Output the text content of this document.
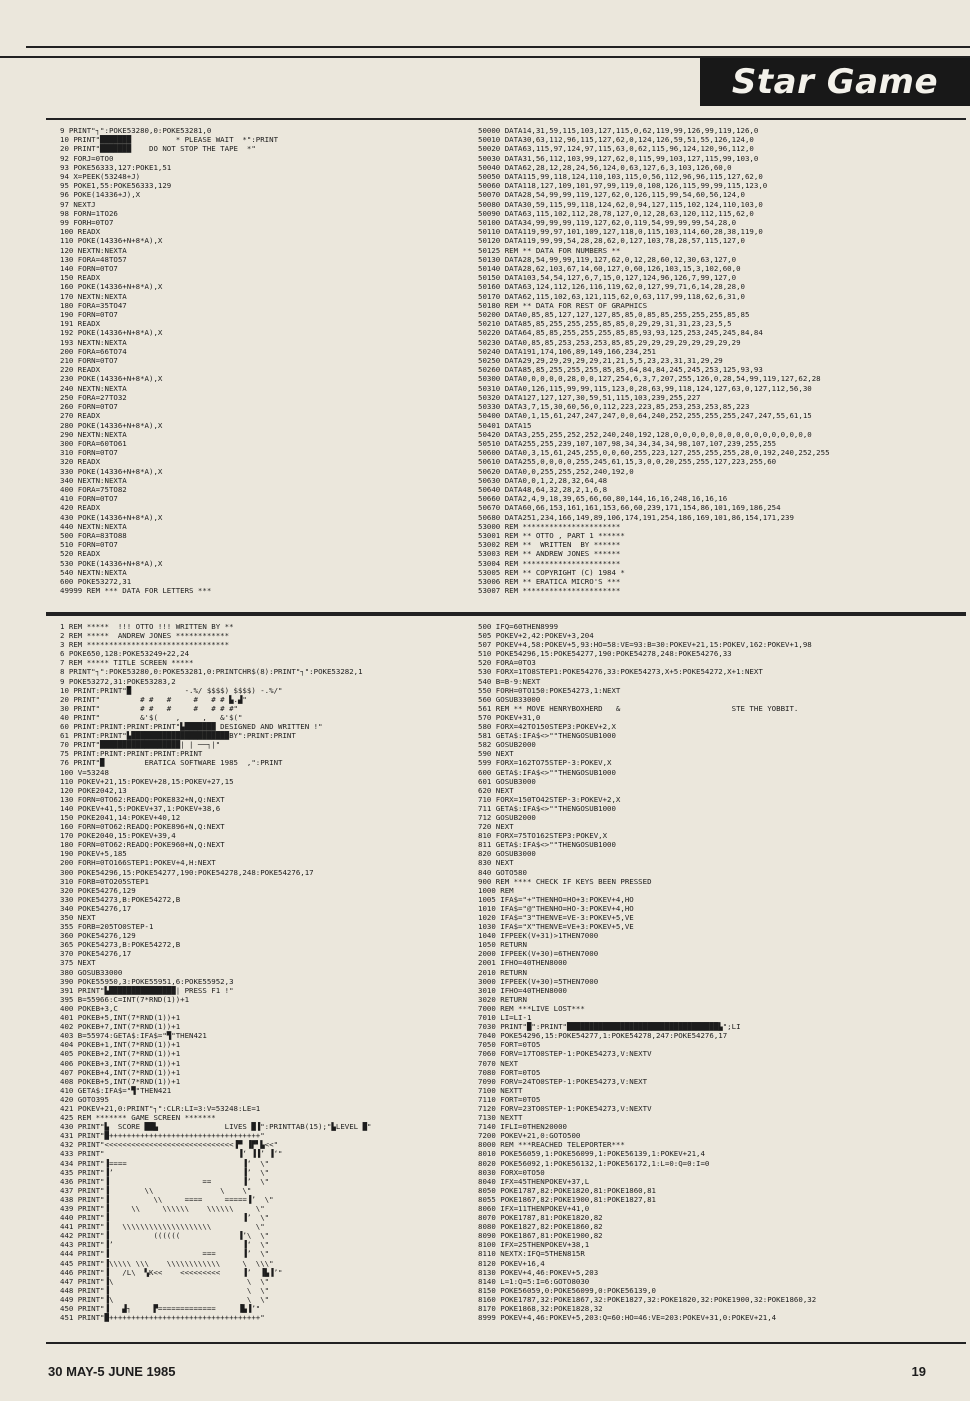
Star Game
9 PRINT"┐":POKE53280,0:POKE53281,0
10 PRINT"███████          * PLEASE WAIT  *":PRINT
20 PRINT"███████    DO NOT STOP THE TAPE  *"
92 FORJ=0TO0
93 POKE56333,127:POKE1,51
94 X=PEEK(53248+J)
95 POKE1,55:POKE56333,129
96 POKE(14336+J),X
97 NEXTJ
98 FORN=1TO26
99 FORH=0TO7
100 READX
110 POKE(14336+N+8*A),X
120 NEXTN:NEXTA
130 FORA=48TO57
140 FORN=0TO7
150 READX
160 POKE(14336+N+8*A),X
170 NEXTN:NEXTA
180 FORA=35TO47
190 FORN=0TO7
191 READX
192 POKE(14336+N+8*A),X
193 NEXTN:NEXTA
200 FORA=66TO74
210 FORN=0TO7
220 READX
230 POKE(14336+N+8*A),X
240 NEXTN:NEXTA
250 FORA=27TO32
260 FORN=0TO7
270 READX
280 POKE(14336+N+8*A),X
290 NEXTN:NEXTA
300 FORA=60TO61
310 FORN=0TO7
320 READX
330 POKE(14336+N+8*A),X
340 NEXTN:NEXTA
400 FORA=75TO82
410 FORN=0TO7
420 READX
430 POKE(14336+N+8*A),X
440 NEXTN:NEXTA
500 FORA=83TO88
510 FORN=0TO7
520 READX
530 POKE(14336+N+8*A),X
540 NEXTN:NEXTA
600 POKE53272,31
49999 REM *** DATA FOR LETTERS ***
50000 DATA14,31,59,115,103,127,115,0,62,119,99,126,99,119,126,0
50010 DATA30,63,112,96,115,127,62,0,124,126,59,51,55,126,124,0
50020 DATA63,115,97,124,97,115,63,0,62,115,96,124,120,96,112,0
50030 DATA31,56,112,103,99,127,62,0,115,99,103,127,115,99,103,0
50040 DATA62,28,12,28,24,56,124,0,63,127,6,3,103,126,60,0
50050 DATA115,99,118,124,110,103,115,0,56,112,96,96,115,127,62,0
50060 DATA118,127,109,101,97,99,119,0,108,126,115,99,99,115,123,0
50070 DATA28,54,99,99,119,127,62,0,126,115,99,54,60,56,124,0
50080 DATA30,59,115,99,118,124,62,0,94,127,115,102,124,110,103,0
50090 DATA63,115,102,112,28,78,127,0,12,28,63,120,112,115,62,0
50100 DATA34,99,99,99,119,127,62,0,119,54,99,99,99,54,28,0
50110 DATA119,99,97,101,109,127,118,0,115,103,114,60,28,38,119,0
50120 DATA119,99,99,54,28,28,62,0,127,103,78,28,57,115,127,0
50125 REM ** DATA FOR NUMBERS **
50130 DATA28,54,99,99,119,127,62,0,12,28,60,12,30,63,127,0
50140 DATA28,62,103,67,14,60,127,0,60,126,103,15,3,102,60,0
50150 DATA103,54,54,127,6,7,15,0,127,124,96,126,7,99,127,0
50160 DATA63,124,112,126,116,119,62,0,127,99,71,6,14,28,28,0
50170 DATA62,115,102,63,121,115,62,0,63,117,99,118,62,6,31,0
50180 REM ** DATA FOR REST OF GRAPHICS
50200 DATA0,85,85,127,127,127,85,85,0,85,85,255,255,255,85,85
50210 DATA85,85,255,255,255,85,85,0,29,29,31,31,23,23,5,5
50220 DATA64,85,85,255,255,255,85,85,93,93,125,253,245,245,84,84
50230 DATA0,85,85,253,253,253,85,85,29,29,29,29,29,29,29,29
50240 DATA191,174,106,89,149,166,234,251
50250 DATA29,29,29,29,29,29,21,21,5,5,23,23,31,31,29,29
50260 DATA85,85,255,255,255,85,85,64,84,84,245,245,253,125,93,93
50300 DATA0,0,0,0,0,28,0,0,127,254,6,3,7,207,255,126,0,28,54,99,119,127,62,28
50310 DATA0,126,115,99,99,115,123,0,28,63,99,118,124,127,63,0,127,112,56,30
50320 DATA127,127,127,30,59,51,115,103,239,255,227
50330 DATA3,7,15,30,60,56,0,112,223,223,85,253,253,253,85,223
50400 DATA0,1,15,61,247,247,247,0,0,64,240,252,255,255,255,247,247,55,61,15
50401 DATA15
50420 DATA3,255,255,252,252,240,240,192,128,0,0,0,0,0,0,0,0,0,0,0,0,0,0,0,0
50510 DATA255,255,239,107,107,98,34,34,34,34,98,107,107,239,255,255
50600 DATA0,3,15,61,245,255,0,0,60,255,223,127,255,255,255,28,0,192,240,252,255
50610 DATA255,0,0,0,0,255,245,61,15,3,0,0,20,255,255,127,223,255,60
50620 DATA0,0,255,255,252,240,192,0
50630 DATA0,0,1,2,28,32,64,48
50640 DATA48,64,32,28,2,1,6,8
50660 DATA2,4,9,18,39,65,66,60,80,144,16,16,248,16,16,16
50670 DATA60,66,153,161,161,153,66,60,239,171,154,86,101,169,186,254
50680 DATA251,234,166,149,89,106,174,191,254,186,169,101,86,154,171,239
53000 REM **********************
53001 REM ** OTTO , PART 1 ******
53002 REM **  WRITTEN  BY ******
53003 REM ** ANDREW JONES ******
53004 REM **********************
53005 REM ** COPYRIGHT (C) 1984 *
53006 REM ** ERATICA MICRO'S ***
53007 REM **********************
1 REM *****  !!! OTTO !!! WRITTEN BY **
2 REM *****  ANDREW JONES ************
3 REM ********************************
6 POKE650,128:POKE53249+22,24
7 REM ***** TITLE SCREEN *****
8 PRINT"┐":POKE53280,0:POKE53281,0:PRINTCHR$(8):PRINT"┐":POKE53282,1
9 POKE53272,31:POKE53283,2
10 PRINT:PRINT"█            -.%/ $$$$) $$$$) -.%/"
20 PRINT"         # #   #     #   # # ▙.▟"
30 PRINT"         # #   #     #   # # #"
40 PRINT"         &'$(    ,     ,   &'$("
60 PRINT:PRINT:PRINT:PRINT"▙███████ DESIGNED AND WRITTEN !"
61 PRINT:PRINT"▙██████████████████████BY":PRINT:PRINT
70 PRINT"██████████████████| | ──┐|"
75 PRINT:PRINT:PRINT:PRINT:PRINT
76 PRINT"█         ERATICA SOFTWARE 1985  ,":PRINT
100 V=53248
110 POKEV+21,15:POKEV+28,15:POKEV+27,15
120 POKE2042,13
130 FORN=0TO62:READQ:POKE832+N,Q:NEXT
140 POKEV+41,5:POKEV+37,1:POKEV+38,6
150 POKE2041,14:POKEV+40,12
160 FORN=0TO62:READQ:POKE896+N,Q:NEXT
170 POKE2040,15:POKEV+39,4
180 FORN=0TO62:READQ:POKE960+N,Q:NEXT
190 POKEV+5,185
200 FORH=0TO166STEP1:POKEV+4,H:NEXT
300 POKE54296,15:POKE54277,190:POKE54278,248:POKE54276,17
310 FORB=0TO205STEP1
320 POKE54276,129
330 POKE54273,B:POKE54272,B
340 POKE54276,17
350 NEXT
355 FORB=205TO0STEP-1
360 POKE54276,129
365 POKE54273,B:POKE54272,B
370 POKE54276,17
375 NEXT
380 GOSUB33000
390 POKE55950,3:POKE55951,6:POKE55952,3
391 PRINT"▙███████████████| PRESS F1 !"
395 B=55966:C=INT(7*RND(1))+1
400 POKEB+3,C
401 POKEB+5,INT(7*RND(1))+1
402 POKEB+7,INT(7*RND(1))+1
403 B=55974:GETA$:IFA$="▜"THEN421
404 POKEB+1,INT(7*RND(1))+1
405 POKEB+2,INT(7*RND(1))+1
406 POKEB+3,INT(7*RND(1))+1
407 POKEB+4,INT(7*RND(1))+1
408 POKEB+5,INT(7*RND(1))+1
410 GETA$:IFA$="▜"THEN421
420 GOTO395
421 POKEV+21,0:PRINT"┐":CLR:LI=3:V=53248:LE=1
425 REM ******* GAME SCREEN *******
430 PRINT"▙  SCORE ██▙               LIVES █▐":PRINTTAB(15);"▙LEVEL █"
431 PRINT"█++++++++++++++++++++++++++++++++++"
432 PRINT"<<<<<<<<<<<<<<<<<<<<<<<<<<<<<▐▀ ▐▛▘▙<<"
433 PRINT"                              ▐‘ ▐▐’ ▐‘"
434 PRINT"▐====                          ▐‘  \"
435 PRINT"▐’                             ▐’  \"
436 PRINT"▐                     ==       ▐’  \"
437 PRINT"▐        \\               \    \"
438 PRINT"▐          \\     ====     =====▐’  \"
439 PRINT"▐     \\     \\\\\\    \\\\\\     \"
440 PRINT"▐                              ▐’  \"
441 PRINT"▐   \\\\\\\\\\\\\\\\\\\\          \"
442 PRINT"▐          ((((((             ▐’\  \"
443 PRINT"▐’                             ▐‘  \"
444 PRINT"▐                     ===      ▐’  \"
445 PRINT"▐\\\\\ \\\    \\\\\\\\\\\\     \  \\\"
446 PRINT"▐   /L\  ▚K<<    <<<<<<<<<     ▐’  ▐▙▐’"
447 PRINT"▐\                              \  \"
448 PRINT"▐                               \  \"
449 PRINT"▐\                              \  \"
450 PRINT"▐   ▟┐     ▛=============     ▐▙▐’"
451 PRINT"█++++++++++++++++++++++++++++++++++"
500 IFQ=60THEN8999
505 POKEV+2,42:POKEV+3,204
507 POKEV+4,58:POKEV+5,93:HO=58:VE=93:B=30:POKEV+21,15:POKEV,162:POKEV+1,98
510 POKE54296,15:POKE54277,190:POKE54278,248:POKE54276,33
520 FORA=0TO3
530 FORX=1TO8STEP1:POKE54276,33:POKE54273,X+5:POKE54272,X+1:NEXT
540 B=B-9:NEXT
550 FORH=0TO150:POKE54273,1:NEXT
560 GOSUB33000
561 REM ** MOVE HENRYBOXHERD   &                         STE THE YOBBIT.
570 POKEV+31,0
580 FORX=42TO150STEP3:POKEV+2,X
581 GETA$:IFA$<>""THENGOSUB1000
582 GOSUB2000
590 NEXT
599 FORX=162TO75STEP-3:POKEV,X
600 GETA$:IFA$<>""THENGOSUB1000
601 GOSUB3000
620 NEXT
710 FORX=150TO42STEP-3:POKEV+2,X
711 GETA$:IFA$<>""THENGOSUB1000
712 GOSUB2000
720 NEXT
810 FORX=75TO162STEP3:POKEV,X
811 GETA$:IFA$<>""THENGOSUB1000
820 GOSUB3000
830 NEXT
840 GOTO580
900 REM **** CHECK IF KEYS BEEN PRESSED
1000 REM
1005 IFA$="+"THENHO=HO+3:POKEV+4,HO
1010 IFA$="@"THENHO=HO-3:POKEV+4,HO
1020 IFA$="3"THENVE=VE-3:POKEV+5,VE
1030 IFA$="X"THENVE=VE+3:POKEV+5,VE
1040 IFPEEK(V+31)>1THEN7000
1050 RETURN
2000 IFPEEK(V+30)=6THEN7000
2001 IFHO=40THEN8000
2010 RETURN
3000 IFPEEK(V+30)=5THEN7000
3010 IFHO=40THEN8000
3020 RETURN
7000 REM ***LIVE LOST***
7010 LI=LI-1
7030 PRINT"█":PRINT"██████████████████████████████████▙";LI
7040 POKE54296,15:POKE54277,1:POKE54278,247:POKE54276,17
7050 FORT=0TO5
7060 FORV=17TO0STEP-1:POKE54273,V:NEXTV
7070 NEXT
7080 FORT=0TO5
7090 FORV=24TO0STEP-1:POKE54273,V:NEXT
7100 NEXTT
7110 FORT=0TO5
7120 FORV=23TO0STEP-1:POKE54273,V:NEXTV
7130 NEXTT
7140 IFLI=0THEN20000
7200 POKEV+21,0:GOTO500
8000 REM ***REACHED TELEPORTER***
8010 POKE56059,1:POKE56099,1:POKE56139,1:POKEV+21,4
8020 POKE56092,1:POKE56132,1:POKE56172,1:L=0:Q=0:I=0
8030 FORX=0TO50
8040 IFX=45THENPOKEV+37,L
8050 POKE1787,82:POKE1820,81:POKE1860,81
8055 POKE1867,82:POKE1900,81:POKE1827,81
8060 IFX=11THENPOKEV+41,0
8070 POKE1787,81:POKE1820,82
8080 POKE1827,82:POKE1860,82
8090 POKE1867,81:POKE1900,82
8100 IFX=25THENPOKEV+38,1
8110 NEXTX:IFQ=5THEN815R
8120 POKEV+16,4
8130 POKEV+4,46:POKEV+5,203
8140 L=1:Q=5:I=6:GOTO8030
8150 POKE56059,0:POKE56099,0:POKE56139,0
8160 POKE1787,32:POKE1867,32:POKE1827,32:POKE1820,32:POKE1900,32:POKE1860,32
8170 POKE1868,32:POKE1828,32
8999 POKEV+4,46:POKEV+5,203:Q=60:HO=46:VE=203:POKEV+31,0:POKEV+21,4
30 MAY-5 JUNE 1985	19
